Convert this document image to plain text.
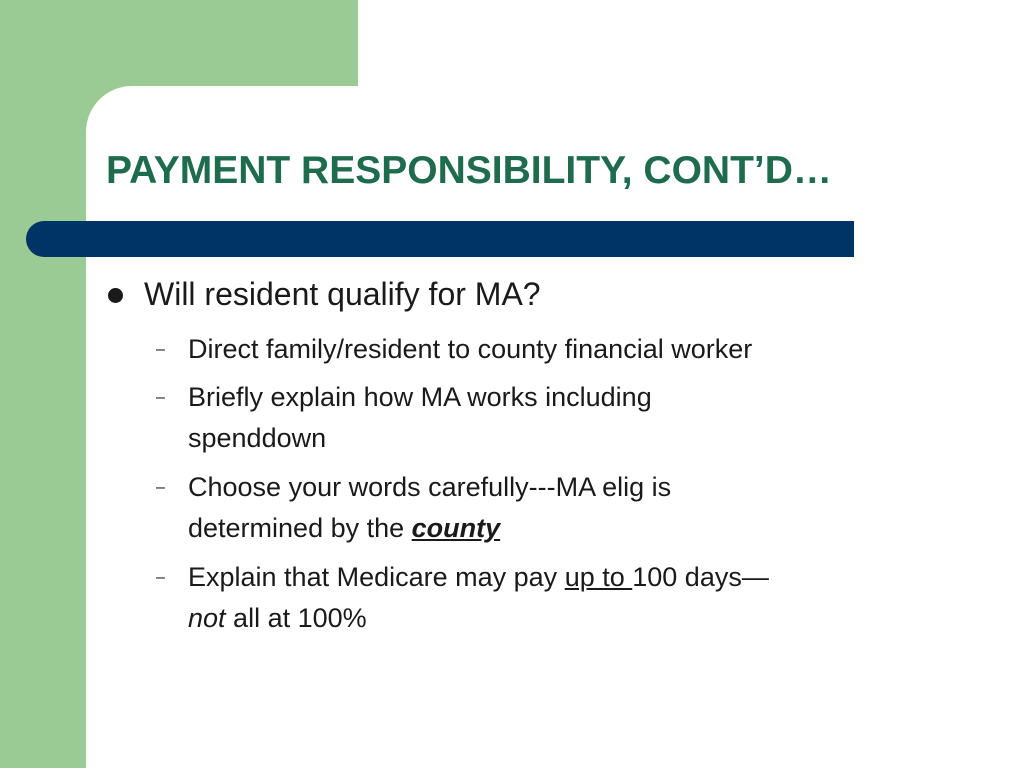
PAYMENT RESPONSIBILITY, CONT’D…
Will resident qualify for MA?
– Direct family/resident to county financial worker
– Briefly explain how MA works including
spenddown
– Choose your words carefully---MA elig is
determined by the county
– Explain that Medicare may pay up to 100 days—
not all at 100%
